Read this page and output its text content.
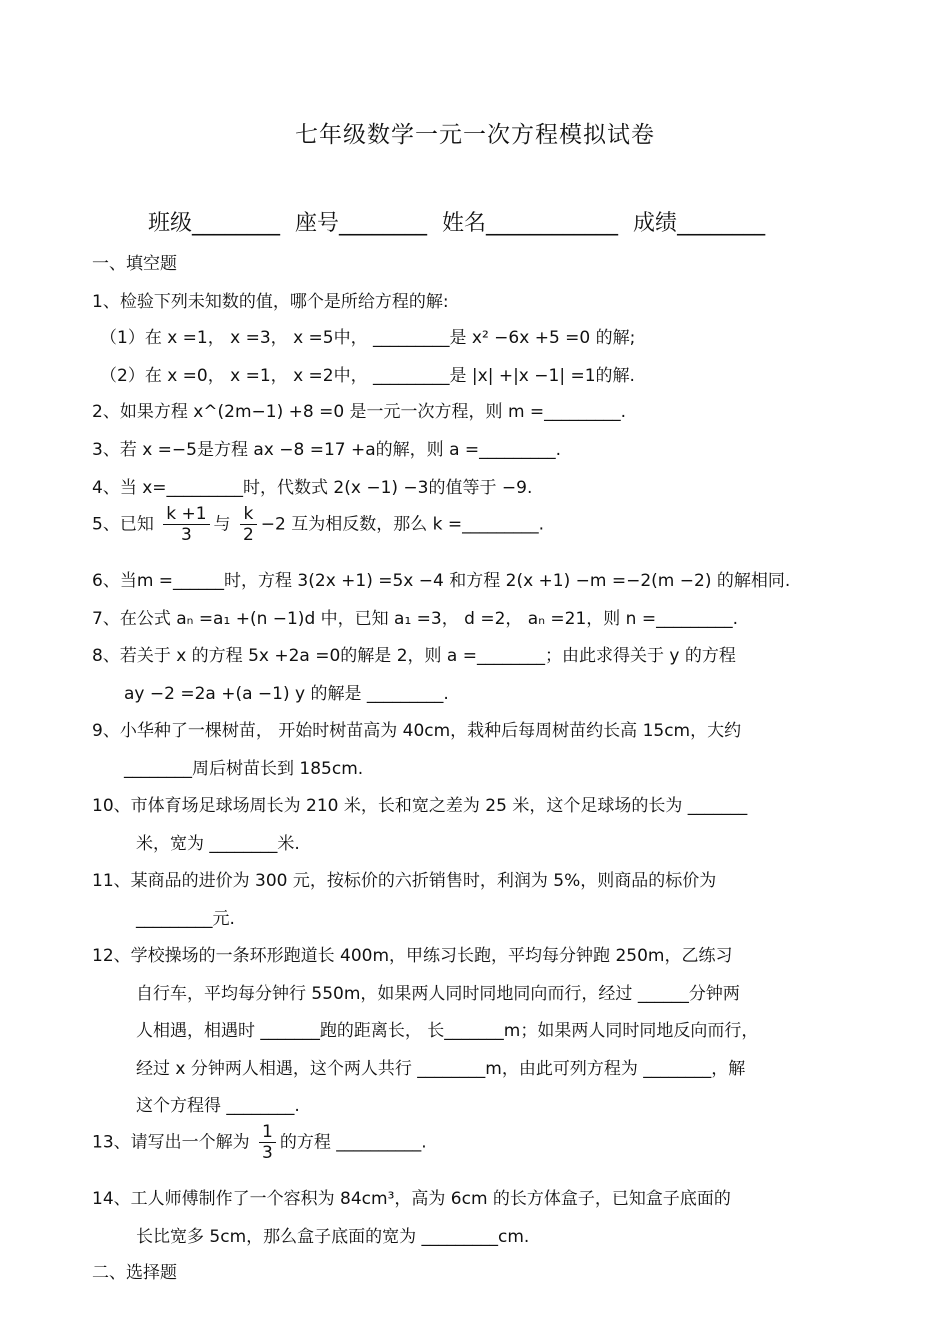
七年级数学一元一次方程模拟试卷
班级________ 座号________ 姓名____________ 成绩________
一、填空题
1、检验下列未知数的值，哪个是所给方程的解:
（1）在 x =1， x =3， x =5中， _________是 x² −6x +5 =0 的解;
（2）在 x =0， x =1， x =2中， _________是 |x| +|x −1| =1的解.
2、如果方程 x^(2m−1) +8 =0 是一元一次方程，则 m =_________.
3、若 x =−5是方程 ax −8 =17 +a的解，则 a =_________.
4、当 x=_________时，代数式 2(x −1) −3的值等于 −9.
5、已知 $\frac{k +1}{3}$ 与 $\frac{k}{2} -2$ 互为相反数，那么 k =_________.
6、当m =______时，方程 3(2x +1) =5x −4 和方程 2(x +1) −m =−2(m −2) 的解相同.
7、在公式 aₙ =a₁ +(n −1)d 中，已知 a₁ =3， d =2， aₙ =21，则 n =_________.
8、若关于 x 的方程 5x +2a =0的解是 2，则 a =________；由此求得关于 y 的方程
ay −2 =2a +(a −1) y 的解是 _________.
9、小华种了一棵树苗， 开始时树苗高为 40cm，栽种后每周树苗约长高 15cm，大约
________周后树苗长到 185cm.
10、市体育场足球场周长为 210 米，长和宽之差为 25 米，这个足球场的长为 _______
米，宽为 ________米.
11、某商品的进价为 300 元，按标价的六折销售时，利润为 5%，则商品的标价为
_________元.
12、学校操场的一条环形跑道长 400m，甲练习长跑，平均每分钟跑 250m，乙练习
自行车，平均每分钟行 550m，如果两人同时同地同向而行，经过 ______分钟两
人相遇，相遇时 _______跑的距离长， 长_______m；如果两人同时同地反向而行，
经过 x 分钟两人相遇，这个两人共行 ________m，由此可列方程为 ________，解
这个方程得 ________.
13、请写出一个解为 $\frac{1}{3}$ 的方程 __________.
14、工人师傅制作了一个容积为 84cm³，高为 6cm 的长方体盒子，已知盒子底面的
长比宽多 5cm，那么盒子底面的宽为 _________cm.
二、选择题
